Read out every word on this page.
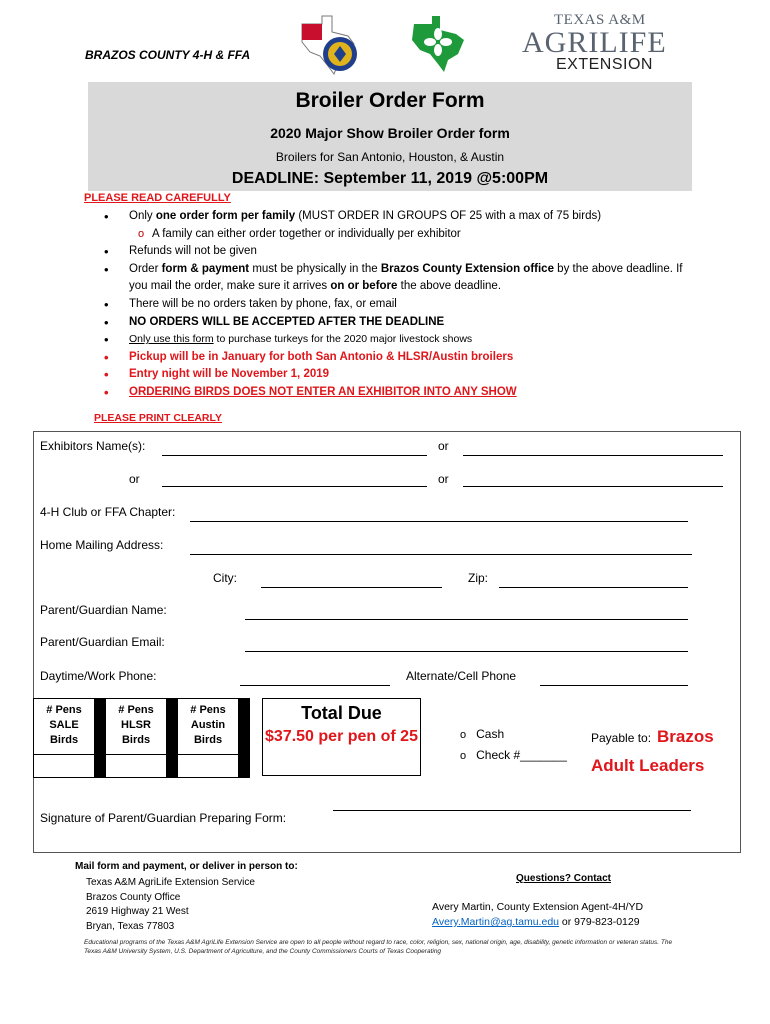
BRAZOS COUNTY 4-H & FFA
TEXAS A&M
AGRILIFE
EXTENSION
Broiler Order Form
2020 Major Show Broiler Order form
Broilers for San Antonio, Houston, & Austin
DEADLINE: September 11, 2019 @5:00PM
PLEASE READ CAREFULLY
• Only one order form per family (MUST ORDER IN GROUPS OF 25 with a max of 75 birds)
o A family can either order together or individually per exhibitor
• Refunds will not be given
• Order form & payment must be physically in the Brazos County Extension office by the above deadline. If you mail the order, make sure it arrives on or before the above deadline.
• There will be no orders taken by phone, fax, or email
• NO ORDERS WILL BE ACCEPTED AFTER THE DEADLINE
• Only use this form to purchase turkeys for the 2020 major livestock shows
• Pickup will be in January for both San Antonio & HLSR/Austin broilers
• Entry night will be November 1, 2019
• ORDERING BIRDS DOES NOT ENTER AN EXHIBITOR INTO ANY SHOW
PLEASE PRINT CLEARLY
Exhibitors Name(s):	or
or	or
4-H Club or FFA Chapter:
Home Mailing Address:
City:	Zip:
Parent/Guardian Name:
Parent/Guardian Email:
Daytime/Work Phone:	Alternate/Cell Phone
# Pens
SALE
Birds		# Pens
HLSR
Birds		# Pens
Austin
Birds	

Total Due
$37.50 per pen of 25	o Cash
o Check #_______
Payable to: Brazos
Adult Leaders
Signature of Parent/Guardian Preparing Form:
Mail form and payment, or deliver in person to:
Texas A&M AgriLife Extension Service
Brazos County Office
2619 Highway 21 West
Bryan, Texas 77803
Questions? Contact
Avery Martin, County Extension Agent-4H/YD
Avery.Martin@ag.tamu.edu or 979-823-0129
Educational programs of the Texas A&M AgriLife Extension Service are open to all people without regard to race, color, religion, sex, national origin, age, disability, genetic information or veteran status. The Texas A&M University System, U.S. Department of Agriculture, and the County Commissioners Courts of Texas Cooperating
